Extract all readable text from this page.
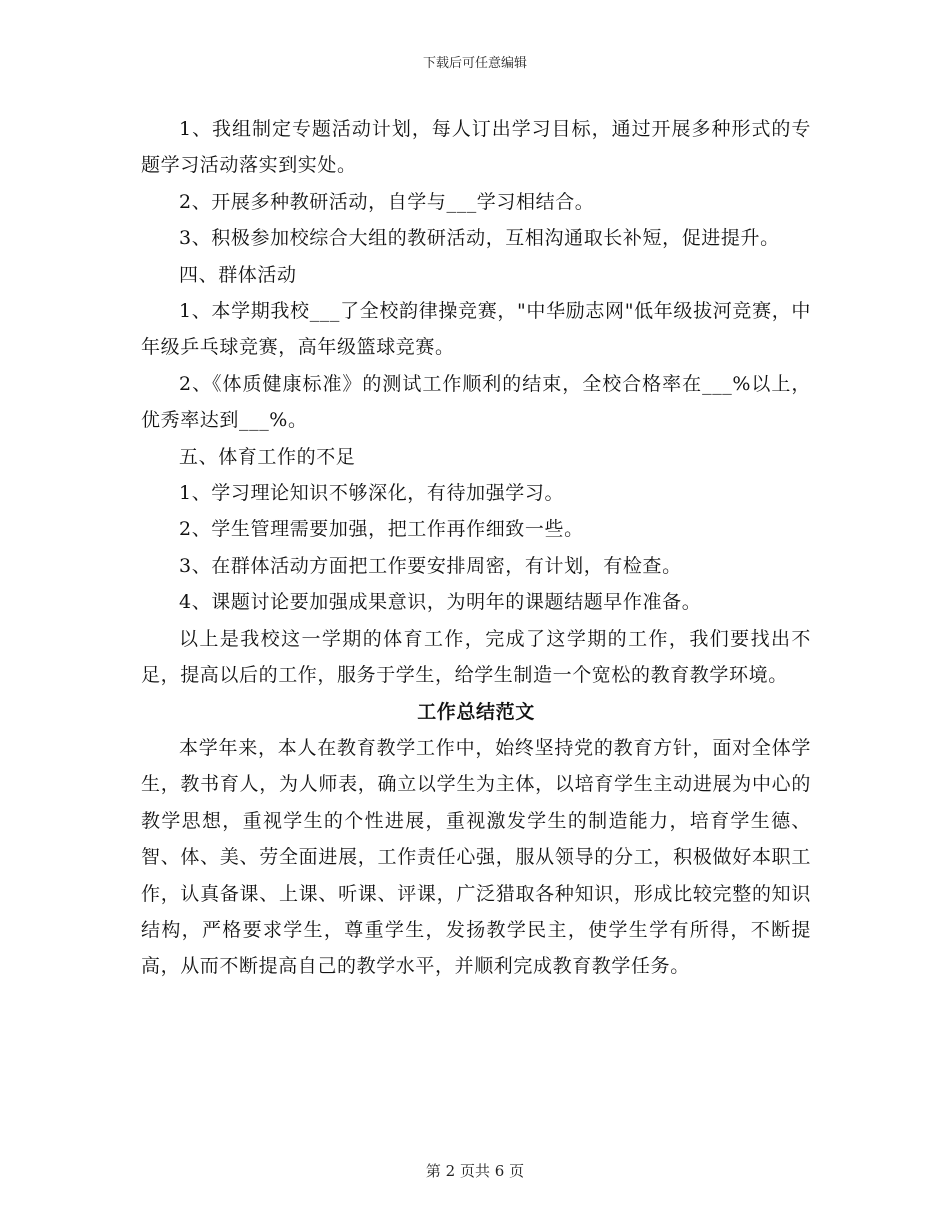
下载后可任意编辑

1、我组制定专题活动计划，每人订出学习目标，通过开展多种形式的专题学习活动落实到实处。

2、开展多种教研活动，自学与___学习相结合。

3、积极参加校综合大组的教研活动，互相沟通取长补短，促进提升。

四、群体活动

1、本学期我校___了全校韵律操竞赛，"中华励志网"低年级拔河竞赛，中年级乒乓球竞赛，高年级篮球竞赛。

2、《体质健康标准》的测试工作顺利的结束，全校合格率在___%以上，优秀率达到___%。

五、体育工作的不足

1、学习理论知识不够深化，有待加强学习。

2、学生管理需要加强，把工作再作细致一些。

3、在群体活动方面把工作要安排周密，有计划，有检查。

4、课题讨论要加强成果意识，为明年的课题结题早作准备。

以上是我校这一学期的体育工作，完成了这学期的工作，我们要找出不足，提高以后的工作，服务于学生，给学生制造一个宽松的教育教学环境。

工作总结范文

本学年来，本人在教育教学工作中，始终坚持党的教育方针，面对全体学生，教书育人，为人师表，确立以学生为主体，以培育学生主动进展为中心的教学思想，重视学生的个性进展，重视激发学生的制造能力，培育学生德、智、体、美、劳全面进展，工作责任心强，服从领导的分工，积极做好本职工作，认真备课、上课、听课、评课，广泛猎取各种知识，形成比较完整的知识结构，严格要求学生，尊重学生，发扬教学民主，使学生学有所得，不断提高，从而不断提高自己的教学水平，并顺利完成教育教学任务。

第 2 页共 6 页
